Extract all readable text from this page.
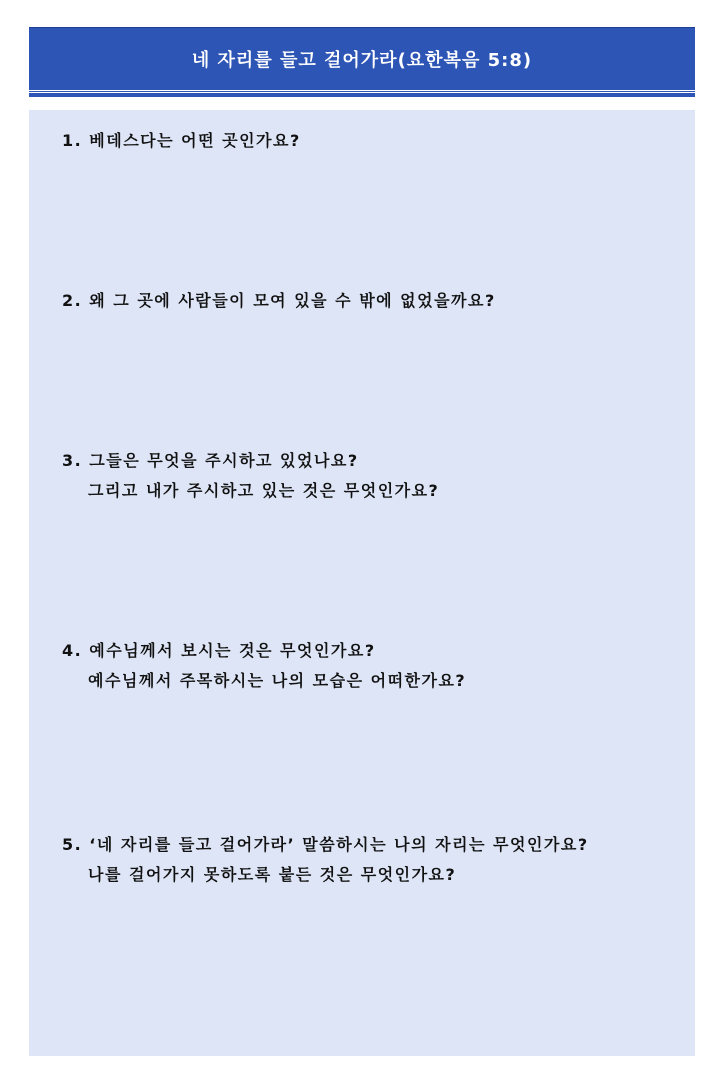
네 자리를 들고 걸어가라(요한복음 5:8)
1. 베데스다는 어떤 곳인가요?
2. 왜 그 곳에 사람들이 모여 있을 수 밖에 없었을까요?
3. 그들은 무엇을 주시하고 있었나요?
그리고 내가 주시하고 있는 것은 무엇인가요?
4. 예수님께서 보시는 것은 무엇인가요?
예수님께서 주목하시는 나의 모습은 어떠한가요?
5. ‘네 자리를 들고 걸어가라’ 말씀하시는 나의 자리는 무엇인가요?
나를 걸어가지 못하도록 붙든 것은 무엇인가요?
